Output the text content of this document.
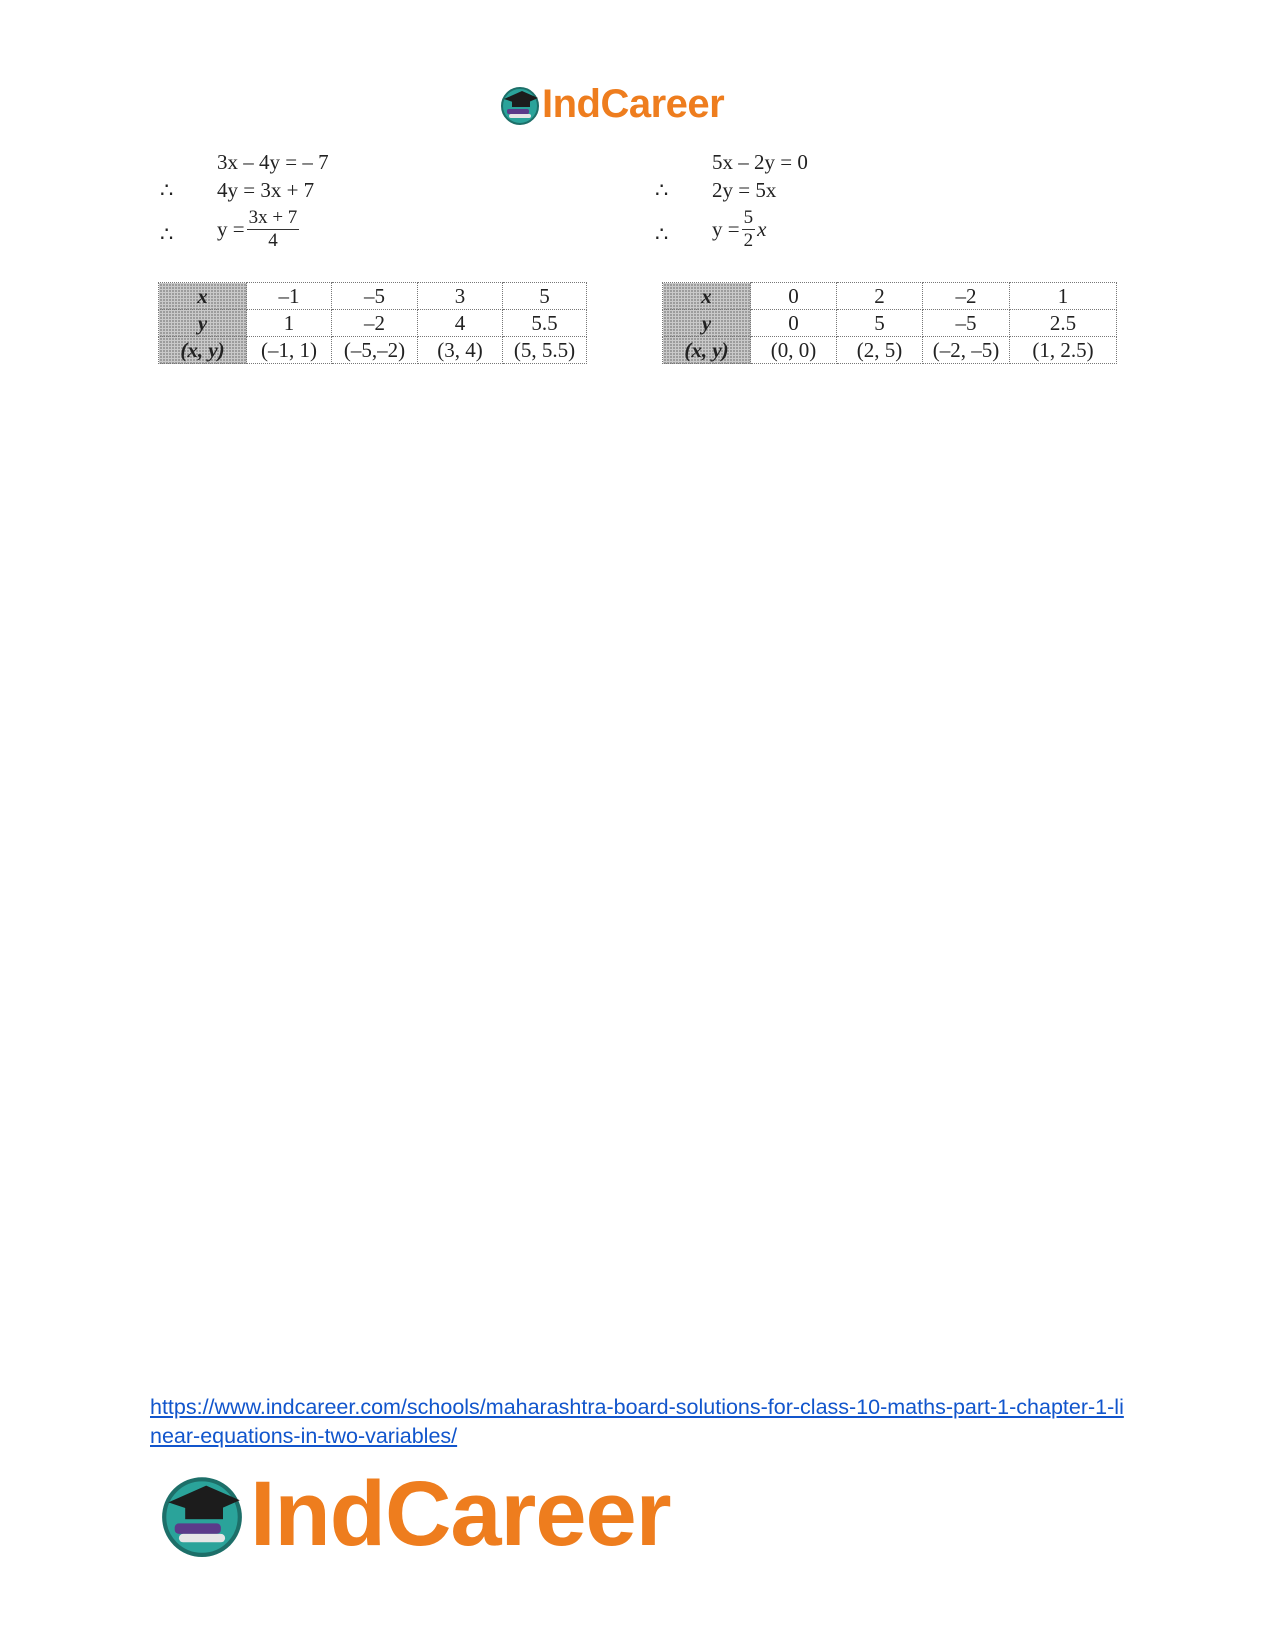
IndCareer
3x – 4y = – 7
∴ 4y = 3x + 7
∴ $y = \frac{3x + 7}{4}$
x	–1	–5	3	5
y	1	–2	4	5.5
(x, y)	(–1, 1)	(–5,–2)	(3, 4)	(5, 5.5)
5x – 2y = 0
∴ 2y = 5x
∴ $y = \frac{5}{2}$ x
x	0	2	–2	1
y	0	5	–5	2.5
(x, y)	(0, 0)	(2, 5)	(–2, –5)	(1, 2.5)
https://www.indcareer.com/schools/maharashtra-board-solutions-for-class-10-maths-part-1-chapter-1-linear-equations-in-two-variables/
IndCareer
